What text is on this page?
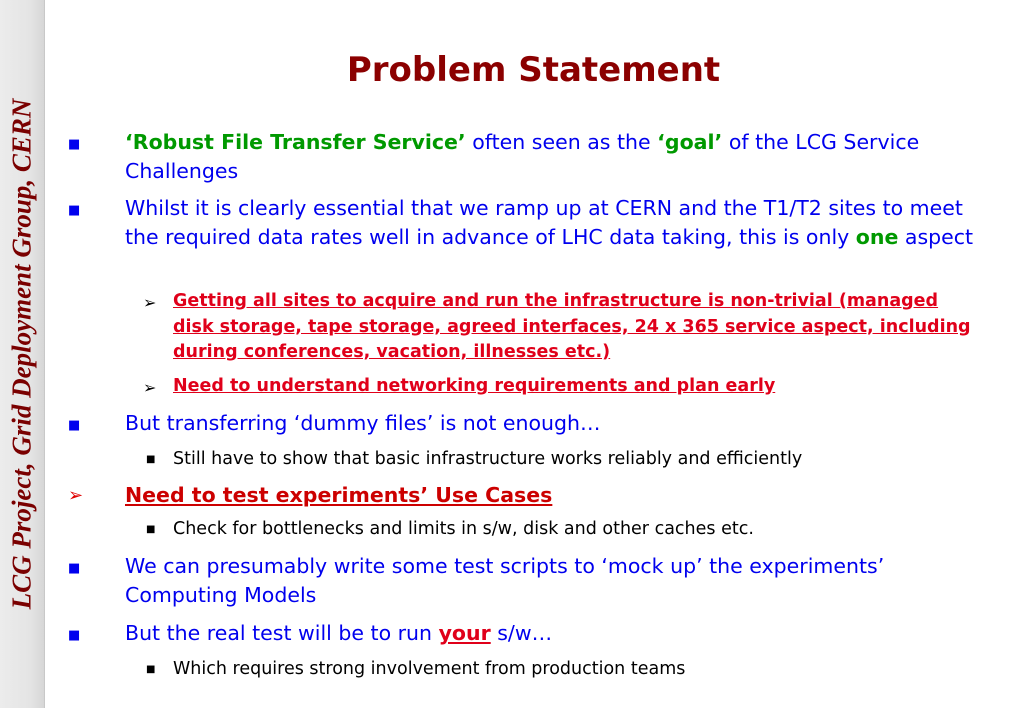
LCG Project, Grid Deployment Group, CERN
Problem Statement
■ ‘Robust File Transfer Service’ often seen as the ‘goal’ of the LCG Service Challenges
■ Whilst it is clearly essential that we ramp up at CERN and the T1/T2 sites to meet the required data rates well in advance of LHC data taking, this is only one aspect
➢ Getting all sites to acquire and run the infrastructure is non-trivial (managed disk storage, tape storage, agreed interfaces, 24 x 365 service aspect, including during conferences, vacation, illnesses etc.)
➢ Need to understand networking requirements and plan early
■ But transferring ‘dummy files’ is not enough…
■ Still have to show that basic infrastructure works reliably and efficiently
➢ Need to test experiments’ Use Cases
■ Check for bottlenecks and limits in s/w, disk and other caches etc.
■ We can presumably write some test scripts to ‘mock up’ the experiments’ Computing Models
■ But the real test will be to run your s/w…
■ Which requires strong involvement from production teams
